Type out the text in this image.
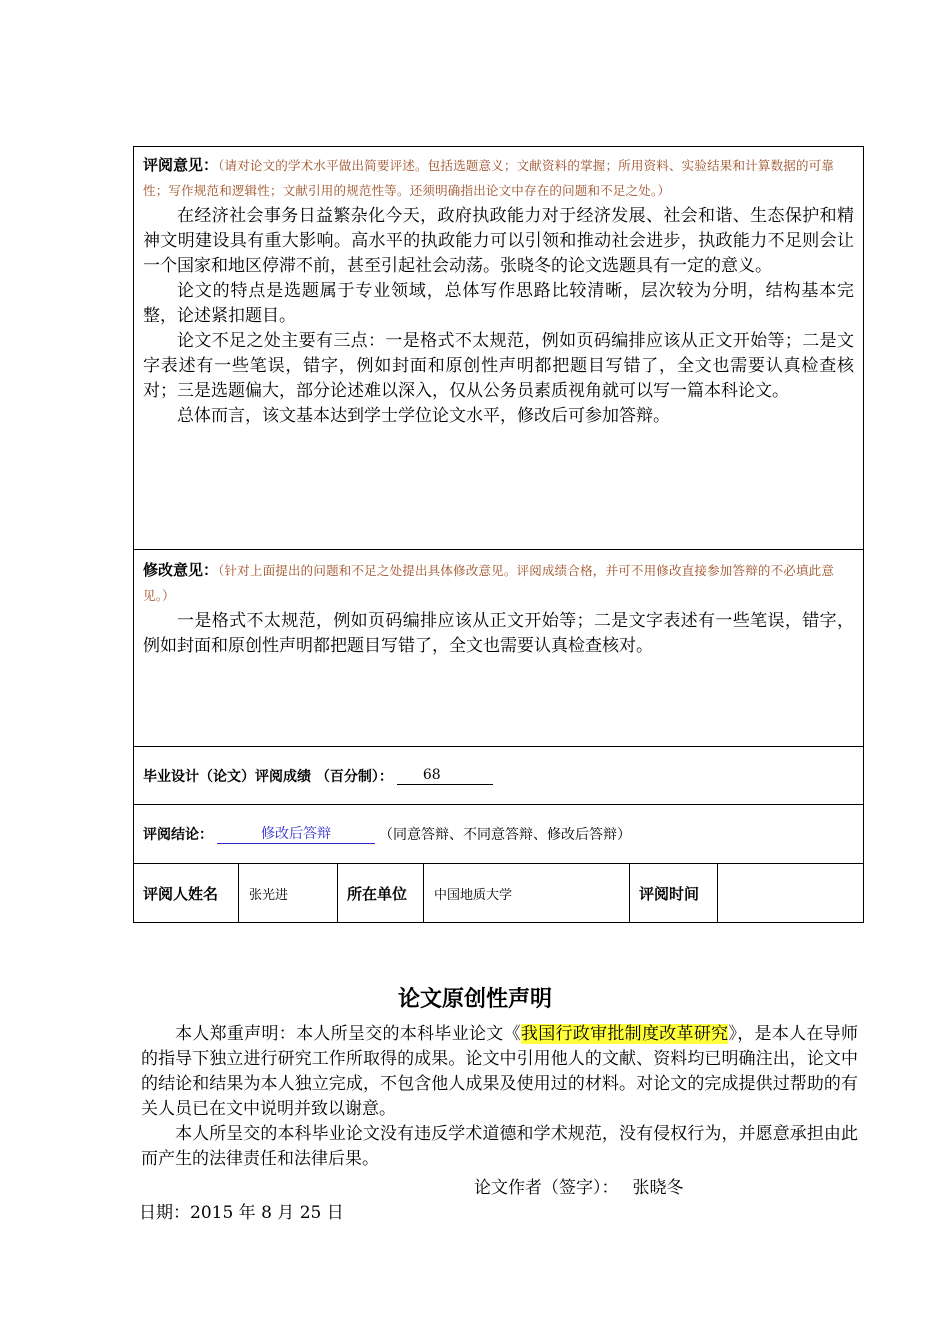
评阅意见：（请对论文的学术水平做出简要评述。包括选题意义；文献资料的掌握；所用资料、实验结果和计算数据的可靠性；写作规范和逻辑性；文献引用的规范性等。还须明确指出论文中存在的问题和不足之处。）

在经济社会事务日益繁杂化今天，政府执政能力对于经济发展、社会和谐、生态保护和精神文明建设具有重大影响。高水平的执政能力可以引领和推动社会进步，执政能力不足则会让一个国家和地区停滞不前，甚至引起社会动荡。张晓冬的论文选题具有一定的意义。

论文的特点是选题属于专业领域，总体写作思路比较清晰，层次较为分明，结构基本完整，论述紧扣题目。

论文不足之处主要有三点：一是格式不太规范，例如页码编排应该从正文开始等；二是文字表述有一些笔误，错字，例如封面和原创性声明都把题目写错了，全文也需要认真检查核对；三是选题偏大，部分论述难以深入，仅从公务员素质视角就可以写一篇本科论文。

总体而言，该文基本达到学士学位论文水平，修改后可参加答辩。

修改意见：（针对上面提出的问题和不足之处提出具体修改意见。评阅成绩合格，并可不用修改直接参加答辩的不必填此意见。）

一是格式不太规范，例如页码编排应该从正文开始等；二是文字表述有一些笔误，错字，例如封面和原创性声明都把题目写错了，全文也需要认真检查核对。

毕业设计（论文）评阅成绩 （百分制）：	68
评阅结论：	修改后答辩	（同意答辩、不同意答辩、修改后答辩）
评阅人姓名	张光进	所在单位	中国地质大学	评阅时间
论文原创性声明

本人郑重声明：本人所呈交的本科毕业论文《我国行政审批制度改革研究》，是本人在导师的指导下独立进行研究工作所取得的成果。论文中引用他人的文献、资料均已明确注出，论文中的结论和结果为本人独立完成，不包含他人成果及使用过的材料。对论文的完成提供过帮助的有关人员已在文中说明并致以谢意。

本人所呈交的本科毕业论文没有违反学术道德和学术规范，没有侵权行为，并愿意承担由此而产生的法律责任和法律后果。

论文作者（签字）： 张晓冬
日期：2015 年 8 月 25 日
